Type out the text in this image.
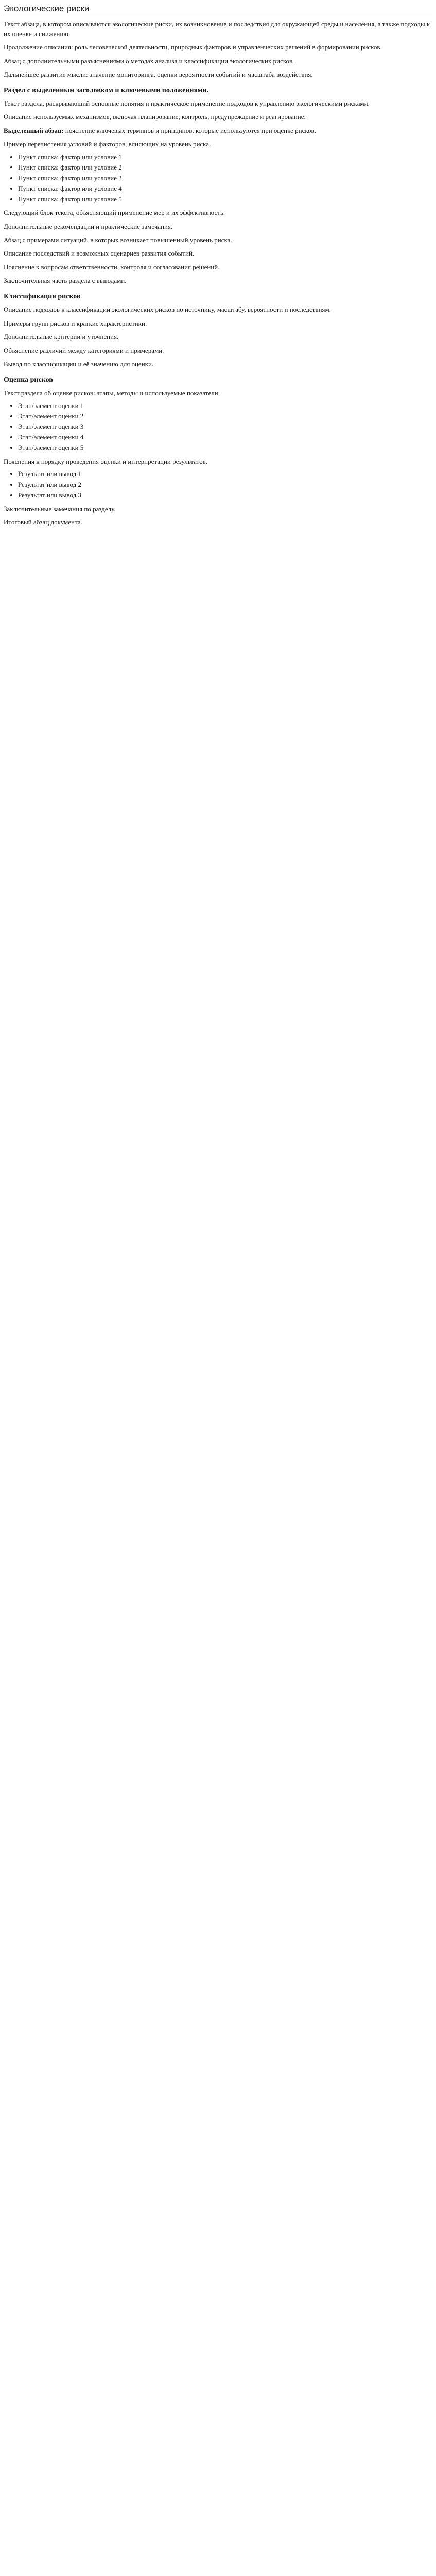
Экологические риски

Текст абзаца, в котором описываются экологические риски, их возникновение и последствия для окружающей среды и населения, а также подходы к их оценке и снижению.

Продолжение описания: роль человеческой деятельности, природных факторов и управленческих решений в формировании рисков.

Абзац с дополнительными разъяснениями о методах анализа и классификации экологических рисков.

Дальнейшее развитие мысли: значение мониторинга, оценки вероятности событий и масштаба воздействия.

Раздел с выделенным заголовком и ключевыми положениями.

Текст раздела, раскрывающий основные понятия и практическое применение подходов к управлению экологическими рисками.

Описание используемых механизмов, включая планирование, контроль, предупреждение и реагирование.

Выделенный абзац: пояснение ключевых терминов и принципов, которые используются при оценке рисков.

Пример перечисления условий и факторов, влияющих на уровень риска.

• Пункт списка: фактор или условие 1
• Пункт списка: фактор или условие 2
• Пункт списка: фактор или условие 3
• Пункт списка: фактор или условие 4
• Пункт списка: фактор или условие 5

Следующий блок текста, объясняющий применение мер и их эффективность.

Дополнительные рекомендации и практические замечания.

Абзац с примерами ситуаций, в которых возникает повышенный уровень риска.

Описание последствий и возможных сценариев развития событий.

Пояснение к вопросам ответственности, контроля и согласования решений.

Заключительная часть раздела с выводами.

Классификация рисков

Описание подходов к классификации экологических рисков по источнику, масштабу, вероятности и последствиям.

Примеры групп рисков и краткие характеристики.

Дополнительные критерии и уточнения.

Объяснение различий между категориями и примерами.

Вывод по классификации и её значению для оценки.

Оценка рисков

Текст раздела об оценке рисков: этапы, методы и используемые показатели.

• Этап/элемент оценки 1
• Этап/элемент оценки 2
• Этап/элемент оценки 3
• Этап/элемент оценки 4
• Этап/элемент оценки 5

Пояснения к порядку проведения оценки и интерпретации результатов.

• Результат или вывод 1
• Результат или вывод 2
• Результат или вывод 3

Заключительные замечания по разделу.

Итоговый абзац документа.
